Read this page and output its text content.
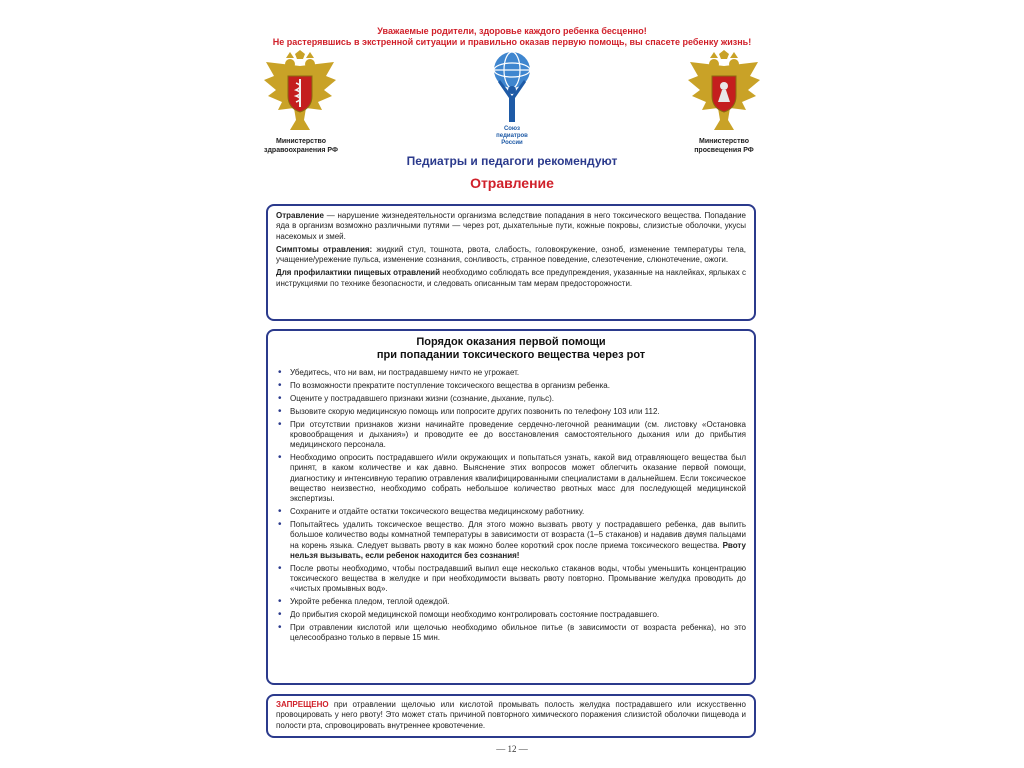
Уважаемые родители, здоровье каждого ребенка бесценно!
Не растерявшись в экстренной ситуации и правильно оказав первую помощь, вы спасете ребенку жизнь!
Министерство
здравоохранения РФ
Союз
педиатров
России	Министерство
просвещения РФ
Педиатры и педагоги рекомендуют
Отравление

Отравление — нарушение жизнедеятельности организма вследствие попадания в него токсического вещества. Попадание яда в организм возможно различными путями — через рот, дыхательные пути, кожные покровы, слизистые оболочки, укусы насекомых и змей.

Симптомы отравления: жидкий стул, тошнота, рвота, слабость, головокружение, озноб, изменение температуры тела, учащение/урежение пульса, изменение сознания, сонливость, странное поведение, слезотечение, слюнотечение, ожоги.

Для профилактики пищевых отравлений необходимо соблюдать все предупреждения, указанные на наклейках, ярлыках с инструкциями по технике безопасности, и следовать описанным там мерам предосторожности.

Порядок оказания первой помощи
при попадании токсического вещества через рот
• Убедитесь, что ни вам, ни пострадавшему ничто не угрожает.
• По возможности прекратите поступление токсического вещества в организм ребенка.
• Оцените у пострадавшего признаки жизни (сознание, дыхание, пульс).
• Вызовите скорую медицинскую помощь или попросите других позвонить по телефону 103 или 112.
• При отсутствии признаков жизни начинайте проведение сердечно-легочной реанимации (см. листовку «Остановка кровообращения и дыхания») и проводите ее до восстановления самостоятельного дыхания или до прибытия медицинского персонала.
• Необходимо опросить пострадавшего и/или окружающих и попытаться узнать, какой вид отравляющего вещества был принят, в каком количестве и как давно. Выяснение этих вопросов может облегчить оказание первой помощи, диагностику и интенсивную терапию отравления квалифицированными специалистами в дальнейшем. Если токсическое вещество неизвестно, необходимо собрать небольшое количество рвотных масс для последующей медицинской экспертизы.
• Сохраните и отдайте остатки токсического вещества медицинскому работнику.
• Попытайтесь удалить токсическое вещество. Для этого можно вызвать рвоту у пострадавшего ребенка, дав выпить большое количество воды комнатной температуры в зависимости от возраста (1–5 стаканов) и надавив двумя пальцами на корень языка. Следует вызвать рвоту в как можно более короткий срок после приема токсического вещества. Рвоту нельзя вызывать, если ребенок находится без сознания!
• После рвоты необходимо, чтобы пострадавший выпил еще несколько стаканов воды, чтобы уменьшить концентрацию токсического вещества в желудке и при необходимости вызвать рвоту повторно. Промывание желудка проводить до «чистых промывных вод».
• Укройте ребенка пледом, теплой одеждой.
• До прибытия скорой медицинской помощи необходимо контролировать состояние пострадавшего.
• При отравлении кислотой или щелочью необходимо обильное питье (в зависимости от возраста ребенка), но это целесообразно только в первые 15 мин.
ЗАПРЕЩЕНО при отравлении щелочью или кислотой промывать полость желудка пострадавшего или искусственно провоцировать у него рвоту! Это может стать причиной повторного химического поражения слизистой оболочки пищевода и полости рта, спровоцировать внутреннее кровотечение.
— 12 —
